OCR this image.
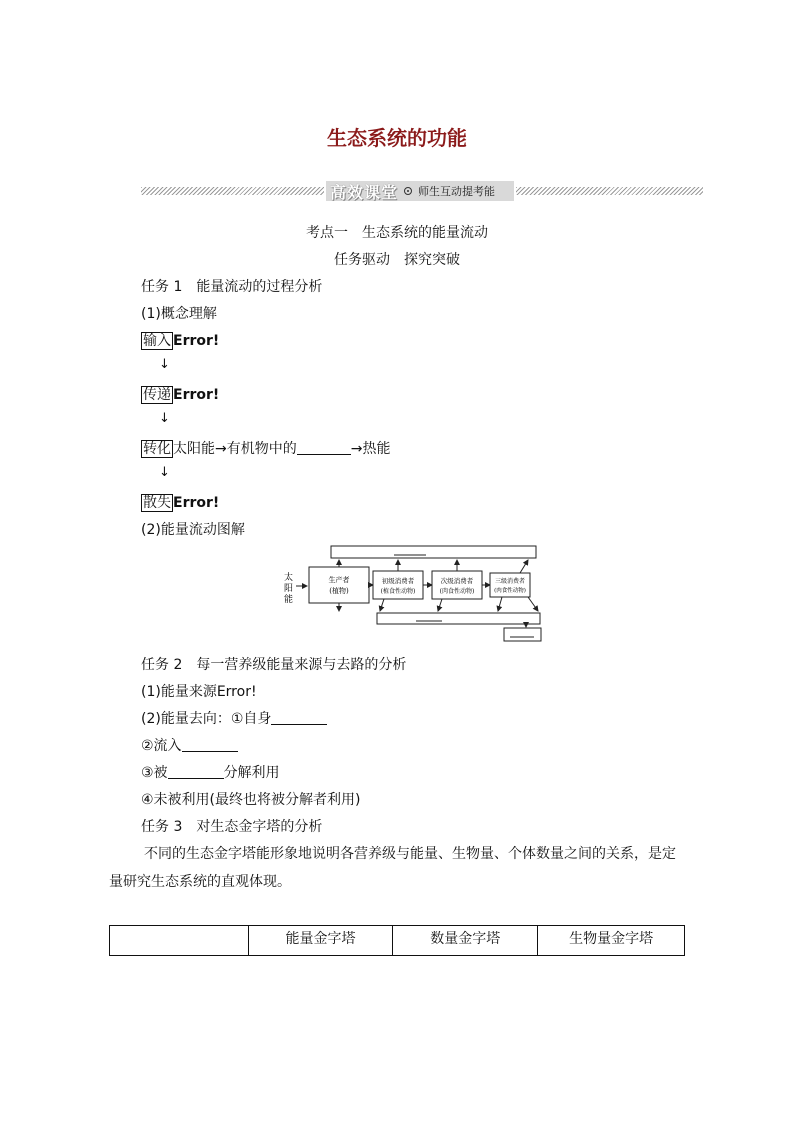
生态系统的功能
高效课堂 师生互动提考能
考点一　生态系统的能量流动
任务驱动　探究突破
任务 1　能量流动的过程分析
(1)概念理解
输入 Error!
↓
传递 Error!
↓
转化 太阳能→有机物中的	→热能
↓
散失 Error!
(2)能量流动图解
太
阳
能
生产者
(植物)
初级消费者
(植食性动物)
次级消费者
(肉食性动物)
三级消费者
(肉食性动物)
任务 2　每一营养级能量来源与去路的分析
(1)能量来源Error!
(2)能量去向：①自身
②流入
③被	分解利用
④未被利用(最终也将被分解者利用)
任务 3　对生态金字塔的分析
不同的生态金字塔能形象地说明各营养级与能量、生物量、个体数量之间的关系，是定量研究生态系统的直观体现。
	能量金字塔	数量金字塔	生物量金字塔
